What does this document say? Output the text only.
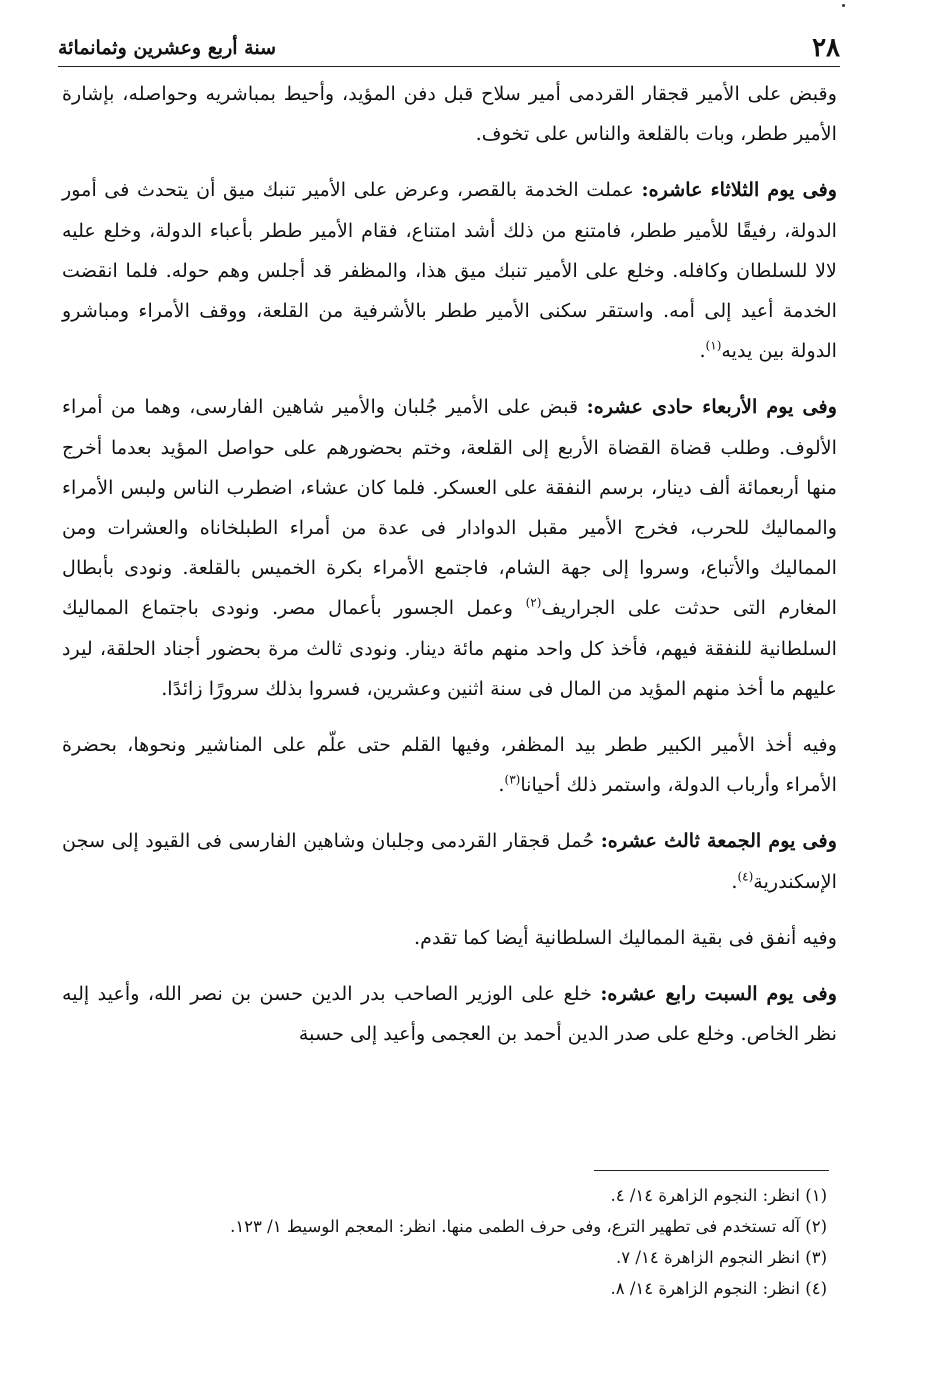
٢٨
سنة أربع وعشرين وثمانمائة

وقبض على الأمير قجقار القردمى أمير سلاح قبل دفن المؤيد، وأحيط بمباشريه وحواصله، بإشارة الأمير ططر، وبات بالقلعة والناس على تخوف.

وفى يوم الثلاثاء عاشره: عملت الخدمة بالقصر، وعرض على الأمير تنبك ميق أن يتحدث فى أمور الدولة، رفيقًا للأمير ططر، فامتنع من ذلك أشد امتناع، فقام الأمير ططر بأعباء الدولة، وخلع عليه لالا للسلطان وكافله. وخلع على الأمير تنبك ميق هذا، والمظفر قد أجلس وهم حوله. فلما انقضت الخدمة أعيد إلى أمه. واستقر سكنى الأمير ططر بالأشرفية من القلعة، ووقف الأمراء ومباشرو الدولة بين يديه$^{(١)}$.

وفى يوم الأربعاء حادى عشره: قبض على الأمير جُلبان والأمير شاهين الفارسى، وهما من أمراء الألوف. وطلب قضاة القضاة الأربع إلى القلعة، وختم بحضورهم على حواصل المؤيد بعدما أخرج منها أربعمائة ألف دينار، برسم النفقة على العسكر. فلما كان عشاء، اضطرب الناس ولبس الأمراء والمماليك للحرب، فخرج الأمير مقبل الدوادار فى عدة من أمراء الطبلخاناه والعشرات ومن المماليك والأتباع، وسروا إلى جهة الشام، فاجتمع الأمراء بكرة الخميس بالقلعة. ونودى بأبطال المغارم التى حدثت على الجراريف$^{(٢)}$ وعمل الجسور بأعمال مصر. ونودى باجتماع المماليك السلطانية للنفقة فيهم، فأخذ كل واحد منهم مائة دينار. ونودى ثالث مرة بحضور أجناد الحلقة، ليرد عليهم ما أخذ منهم المؤيد من المال فى سنة اثنين وعشرين، فسروا بذلك سرورًا زائدًا.

وفيه أخذ الأمير الكبير ططر بيد المظفر، وفيها القلم حتى علّم على المناشير ونحوها، بحضرة الأمراء وأرباب الدولة، واستمر ذلك أحيانا$^{(٣)}$.

وفى يوم الجمعة ثالث عشره: حُمل قجقار القردمى وجلبان وشاهين الفارسى فى القيود إلى سجن الإسكندرية$^{(٤)}$.

وفيه أنفق فى بقية المماليك السلطانية أيضا كما تقدم.

وفى يوم السبت رابع عشره: خلع على الوزير الصاحب بدر الدين حسن بن نصر الله، وأعيد إليه نظر الخاص. وخلع على صدر الدين أحمد بن العجمى وأعيد إلى حسبة

(١) انظر: النجوم الزاهرة ١٤/ ٤.

(٢) آله تستخدم فى تطهير الترع، وفى حرف الطمى منها. انظر: المعجم الوسيط ١/ ١٢٣.

(٣) انظر النجوم الزاهرة ١٤/ ٧.

(٤) انظر: النجوم الزاهرة ١٤/ ٨.
